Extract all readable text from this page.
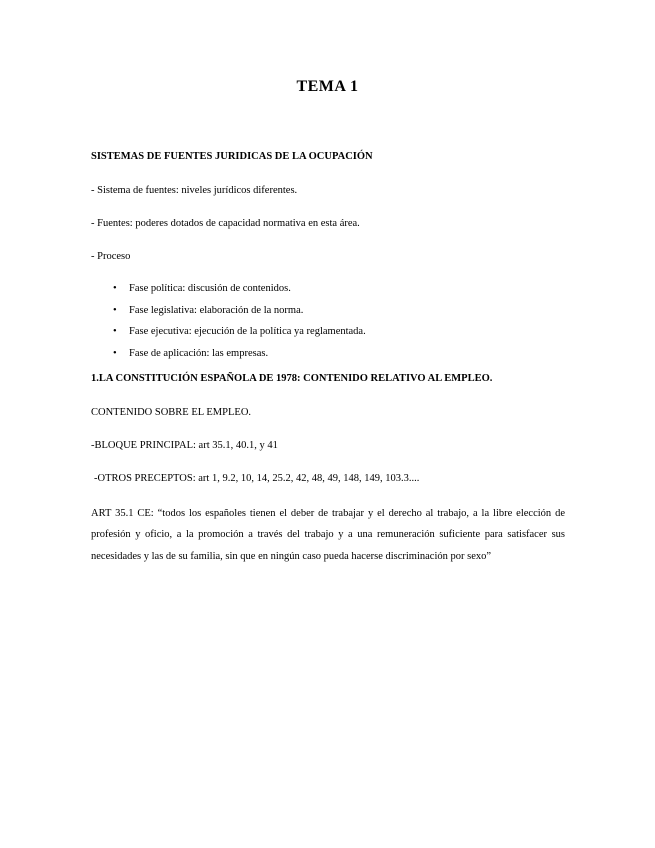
TEMA 1

SISTEMAS DE FUENTES JURIDICAS DE LA OCUPACIÓN

- Sistema de fuentes: niveles jurídicos diferentes.

- Fuentes: poderes dotados de capacidad normativa en esta área.

- Proceso

• Fase política: discusión de contenidos.
• Fase legislativa: elaboración de la norma.
• Fase ejecutiva: ejecución de la política ya reglamentada.
• Fase de aplicación: las empresas.

1.LA CONSTITUCIÓN ESPAÑOLA DE 1978: CONTENIDO RELATIVO AL EMPLEO.

CONTENIDO SOBRE EL EMPLEO.

-BLOQUE PRINCIPAL: art 35.1, 40.1, y 41

-OTROS PRECEPTOS: art 1, 9.2, 10, 14, 25.2, 42, 48, 49, 148, 149, 103.3....

ART 35.1 CE: “todos los españoles tienen el deber de trabajar y el derecho al trabajo, a la libre elección de profesión y oficio, a la promoción a través del trabajo y a una remuneración suficiente para satisfacer sus necesidades y las de su familia, sin que en ningún caso pueda hacerse discriminación por sexo”
